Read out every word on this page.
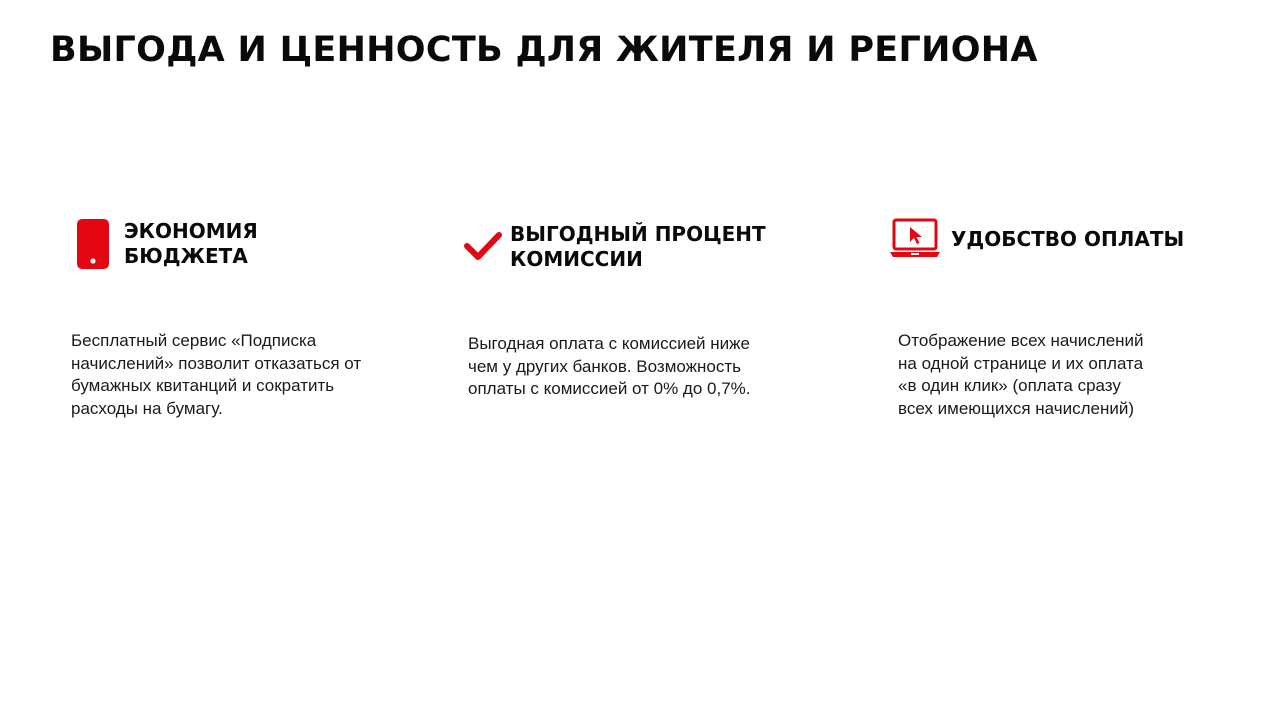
ВЫГОДА И ЦЕННОСТЬ ДЛЯ ЖИТЕЛЯ И РЕГИОНА
ЭКОНОМИЯ
БЮДЖЕТА

Бесплатный сервис «Подписка
начислений» позволит отказаться от
бумажных квитанций и сократить
расходы на бумагу.

ВЫГОДНЫЙ ПРОЦЕНТ
КОМИССИИ

Выгодная оплата с комиссией ниже
чем у других банков. Возможность
оплаты с комиссией от 0% до 0,7%.

УДОБСТВО ОПЛАТЫ

Отображение всех начислений
на одной странице и их оплата
«в один клик» (оплата сразу
всех имеющихся начислений)
